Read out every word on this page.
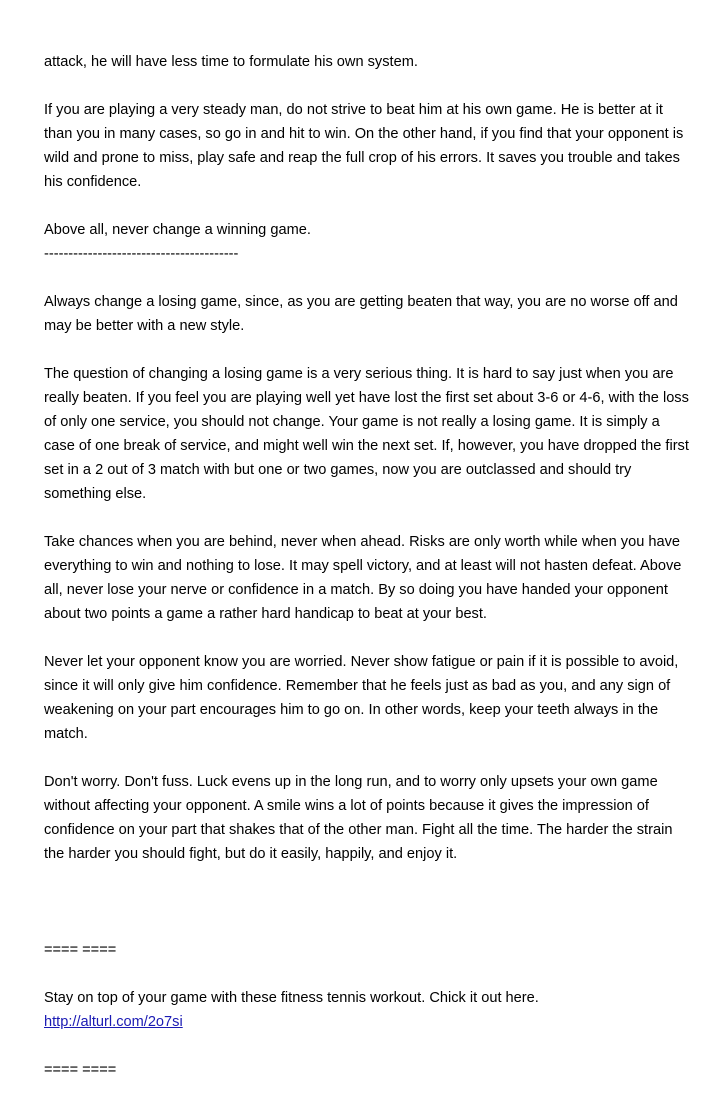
attack, he will have less time to formulate his own system.

If you are playing a very steady man, do not strive to beat him at his own game. He is better at it than you in many cases, so go in and hit to win. On the other hand, if you find that your opponent is wild and prone to miss, play safe and reap the full crop of his errors. It saves you trouble and takes his confidence.

Above all, never change a winning game.

----------------------------------------

Always change a losing game, since, as you are getting beaten that way, you are no worse off and may be better with a new style.

The question of changing a losing game is a very serious thing. It is hard to say just when you are really beaten. If you feel you are playing well yet have lost the first set about 3-6 or 4-6, with the loss of only one service, you should not change. Your game is not really a losing game. It is simply a case of one break of service, and might well win the next set. If, however, you have dropped the first set in a 2 out of 3 match with but one or two games, now you are outclassed and should try something else.

Take chances when you are behind, never when ahead. Risks are only worth while when you have everything to win and nothing to lose. It may spell victory, and at least will not hasten defeat. Above all, never lose your nerve or confidence in a match. By so doing you have handed your opponent about two points a game a rather hard handicap to beat at your best.

Never let your opponent know you are worried. Never show fatigue or pain if it is possible to avoid, since it will only give him confidence. Remember that he feels just as bad as you, and any sign of weakening on your part encourages him to go on. In other words, keep your teeth always in the match.

Don't worry. Don't fuss. Luck evens up in the long run, and to worry only upsets your own game without affecting your opponent. A smile wins a lot of points because it gives the impression of confidence on your part that shakes that of the other man. Fight all the time. The harder the strain the harder you should fight, but do it easily, happily, and enjoy it.

==== ====

Stay on top of your game with these fitness tennis workout. Chick it out here.

http://alturl.com/2o7si

==== ====
